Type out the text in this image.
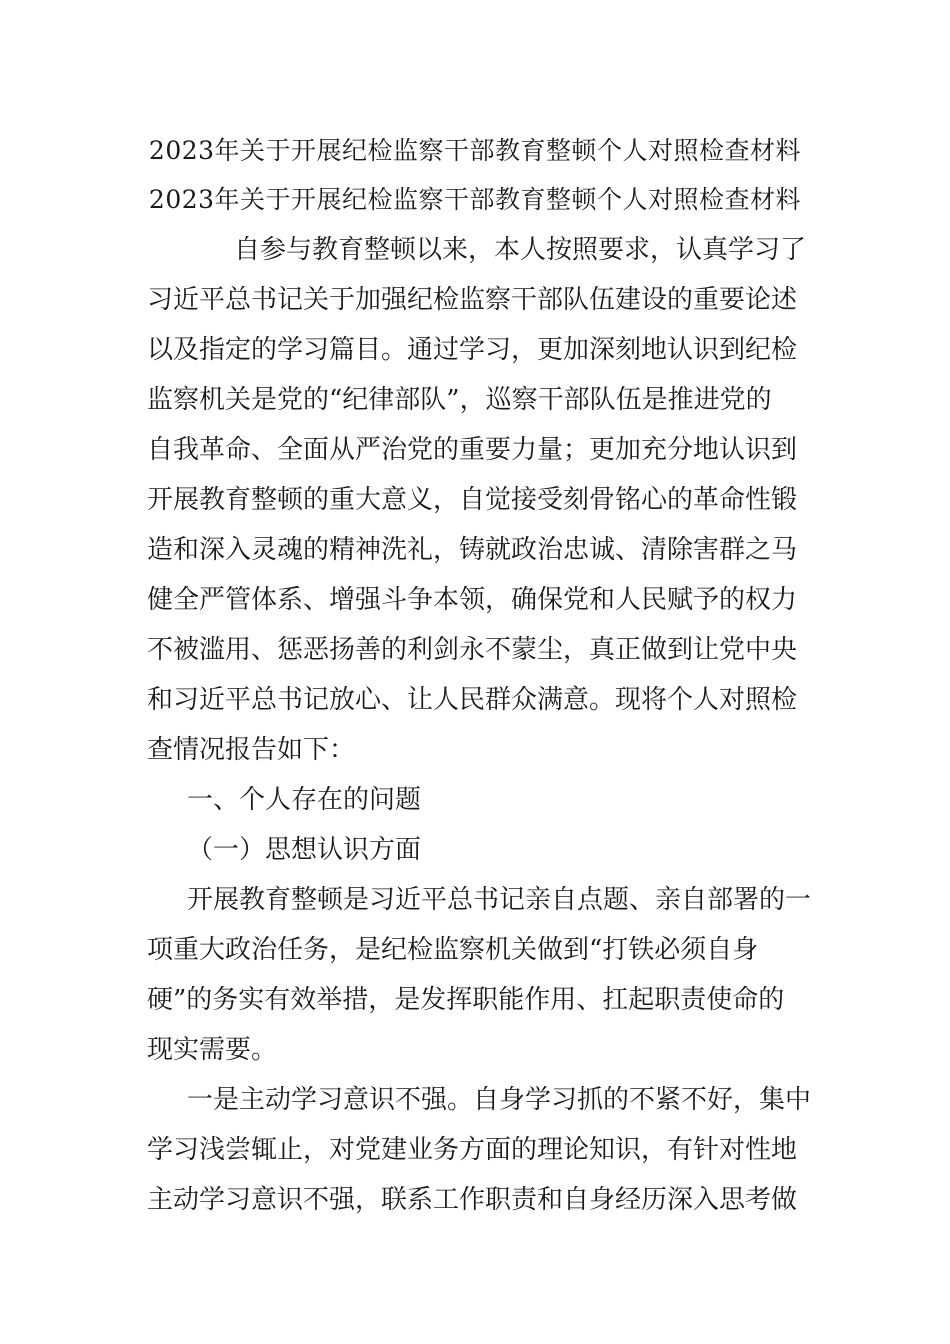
2023年关于开展纪检监察干部教育整顿个人对照检查材料
2023年关于开展纪检监察干部教育整顿个人对照检查材料
自参与教育整顿以来，本人按照要求，认真学习了
习近平总书记关于加强纪检监察干部队伍建设的重要论述
以及指定的学习篇目。通过学习，更加深刻地认识到纪检
监察机关是党的“纪律部队”，巡察干部队伍是推进党的
自我革命、全面从严治党的重要力量；更加充分地认识到
开展教育整顿的重大意义，自觉接受刻骨铭心的革命性锻
造和深入灵魂的精神洗礼，铸就政治忠诚、清除害群之马
健全严管体系、增强斗争本领，确保党和人民赋予的权力
不被滥用、惩恶扬善的利剑永不蒙尘，真正做到让党中央
和习近平总书记放心、让人民群众满意。现将个人对照检
查情况报告如下：
一、个人存在的问题
（一）思想认识方面
开展教育整顿是习近平总书记亲自点题、亲自部署的一
项重大政治任务，是纪检监察机关做到“打铁必须自身
硬”的务实有效举措，是发挥职能作用、扛起职责使命的
现实需要。
一是主动学习意识不强。自身学习抓的不紧不好，集中
学习浅尝辄止，对党建业务方面的理论知识，有针对性地
主动学习意识不强，联系工作职责和自身经历深入思考做
